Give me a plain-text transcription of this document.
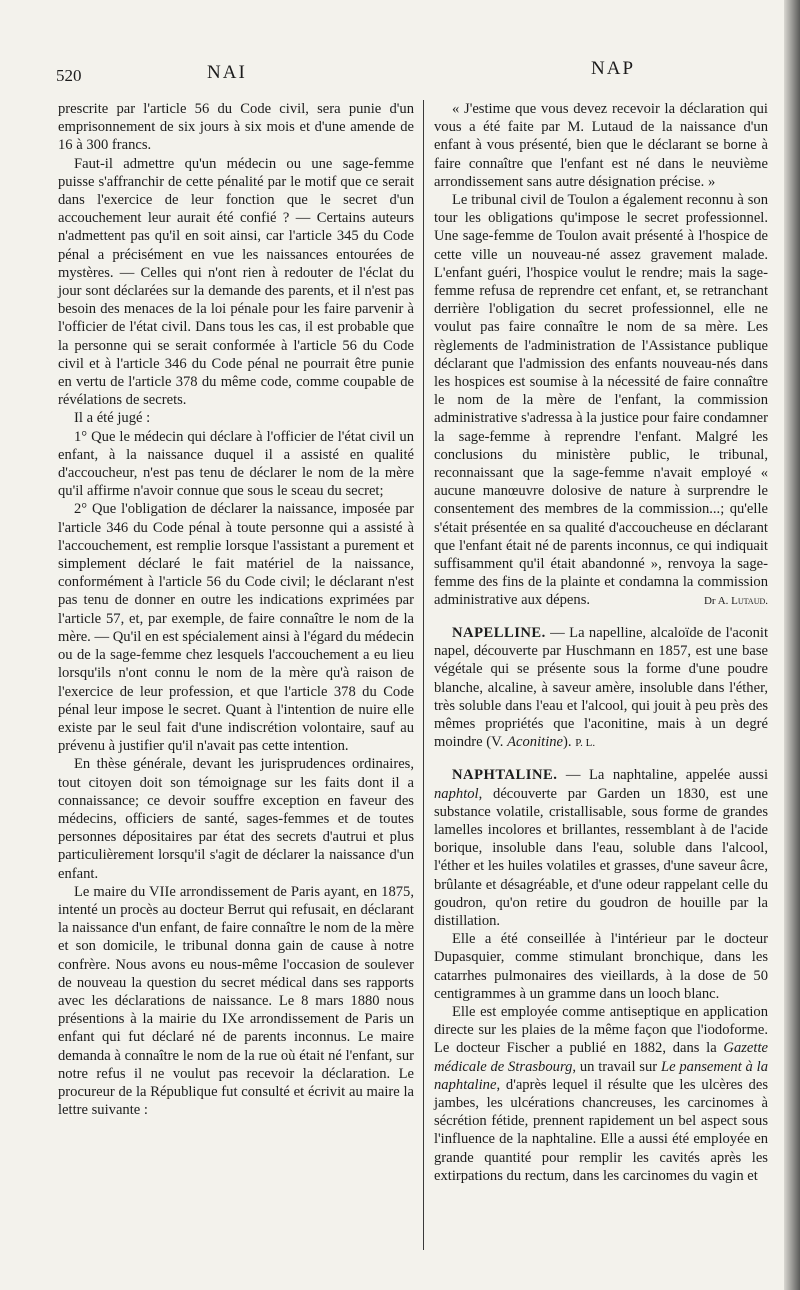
520	NAI	NAP

prescrite par l'article 56 du Code civil, sera punie d'un emprisonnement de six jours à six mois et d'une amende de 16 à 300 francs.

Faut-il admettre qu'un médecin ou une sage-femme puisse s'affranchir de cette pénalité par le motif que ce serait dans l'exercice de leur fonction que le secret d'un accouchement leur aurait été confié ? — Certains auteurs n'admettent pas qu'il en soit ainsi, car l'article 345 du Code pénal a précisément en vue les naissances entourées de mystères. — Celles qui n'ont rien à redouter de l'éclat du jour sont déclarées sur la demande des parents, et il n'est pas besoin des menaces de la loi pénale pour les faire parvenir à l'officier de l'état civil. Dans tous les cas, il est probable que la personne qui se serait conformée à l'article 56 du Code civil et à l'article 346 du Code pénal ne pourrait être punie en vertu de l'article 378 du même code, comme coupable de révélations de secrets.

Il a été jugé :

1° Que le médecin qui déclare à l'officier de l'état civil un enfant, à la naissance duquel il a assisté en qualité d'accoucheur, n'est pas tenu de déclarer le nom de la mère qu'il affirme n'avoir connue que sous le sceau du secret;

2° Que l'obligation de déclarer la naissance, imposée par l'article 346 du Code pénal à toute personne qui a assisté à l'accouchement, est remplie lorsque l'assistant a purement et simplement déclaré le fait matériel de la naissance, conformément à l'article 56 du Code civil; le déclarant n'est pas tenu de donner en outre les indications exprimées par l'article 57, et, par exemple, de faire connaître le nom de la mère. — Qu'il en est spécialement ainsi à l'égard du médecin ou de la sage-femme chez lesquels l'accouchement a eu lieu lorsqu'ils n'ont connu le nom de la mère qu'à raison de l'exercice de leur profession, et que l'article 378 du Code pénal leur impose le secret. Quant à l'intention de nuire elle existe par le seul fait d'une indiscrétion volontaire, sauf au prévenu à justifier qu'il n'avait pas cette intention.

En thèse générale, devant les jurisprudences ordinaires, tout citoyen doit son témoignage sur les faits dont il a connaissance; ce devoir souffre exception en faveur des médecins, officiers de santé, sages-femmes et de toutes personnes dépositaires par état des secrets d'autrui et plus particulièrement lorsqu'il s'agit de déclarer la naissance d'un enfant.

Le maire du VIIe arrondissement de Paris ayant, en 1875, intenté un procès au docteur Berrut qui refusait, en déclarant la naissance d'un enfant, de faire connaître le nom de la mère et son domicile, le tribunal donna gain de cause à notre confrère. Nous avons eu nous-même l'occasion de soulever de nouveau la question du secret médical dans ses rapports avec les déclarations de naissance. Le 8 mars 1880 nous présentions à la mairie du IXe arrondissement de Paris un enfant qui fut déclaré né de parents inconnus. Le maire demanda à connaître le nom de la rue où était né l'enfant, sur notre refus il ne voulut pas recevoir la déclaration. Le procureur de la République fut consulté et écrivit au maire la lettre suivante :

« J'estime que vous devez recevoir la déclaration qui vous a été faite par M. Lutaud de la naissance d'un enfant à vous présenté, bien que le déclarant se borne à faire connaître que l'enfant est né dans le neuvième arrondissement sans autre désignation précise. »

Le tribunal civil de Toulon a également reconnu à son tour les obligations qu'impose le secret professionnel. Une sage-femme de Toulon avait présenté à l'hospice de cette ville un nouveau-né assez gravement malade. L'enfant guéri, l'hospice voulut le rendre; mais la sage-femme refusa de reprendre cet enfant, et, se retranchant derrière l'obligation du secret professionnel, elle ne voulut pas faire connaître le nom de sa mère. Les règlements de l'administration de l'Assistance publique déclarant que l'admission des enfants nouveau-nés dans les hospices est soumise à la nécessité de faire connaître le nom de la mère de l'enfant, la commission administrative s'adressa à la justice pour faire condamner la sage-femme à reprendre l'enfant. Malgré les conclusions du ministère public, le tribunal, reconnaissant que la sage-femme n'avait employé « aucune manœuvre dolosive de nature à surprendre le consentement des membres de la commission...; qu'elle s'était présentée en sa qualité d'accoucheuse en déclarant que l'enfant était né de parents inconnus, ce qui indiquait suffisamment qu'il était abandonné », renvoya la sage-femme des fins de la plainte et condamna la commission administrative aux dépens.	Dr A. Lutaud.

NAPELLINE. — La napelline, alcaloïde de l'aconit napel, découverte par Huschmann en 1857, est une base végétale qui se présente sous la forme d'une poudre blanche, alcaline, à saveur amère, insoluble dans l'éther, très soluble dans l'eau et l'alcool, qui jouit à peu près des mêmes propriétés que l'aconitine, mais à un degré moindre (V. Aconitine). P. L.

NAPHTALINE. — La naphtaline, appelée aussi naphtol, découverte par Garden un 1830, est une substance volatile, cristallisable, sous forme de grandes lamelles incolores et brillantes, ressemblant à de l'acide borique, insoluble dans l'eau, soluble dans l'alcool, l'éther et les huiles volatiles et grasses, d'une saveur âcre, brûlante et désagréable, et d'une odeur rappelant celle du goudron, qu'on retire du goudron de houille par la distillation.

Elle a été conseillée à l'intérieur par le docteur Dupasquier, comme stimulant bronchique, dans les catarrhes pulmonaires des vieillards, à la dose de 50 centigrammes à un gramme dans un looch blanc.

Elle est employée comme antiseptique en application directe sur les plaies de la même façon que l'iodoforme. Le docteur Fischer a publié en 1882, dans la Gazette médicale de Strasbourg, un travail sur Le pansement à la naphtaline, d'après lequel il résulte que les ulcères des jambes, les ulcérations chancreuses, les carcinomes à sécrétion fétide, prennent rapidement un bel aspect sous l'influence de la naphtaline. Elle a aussi été employée en grande quantité pour remplir les cavités après les extirpations du rectum, dans les carcinomes du vagin et
